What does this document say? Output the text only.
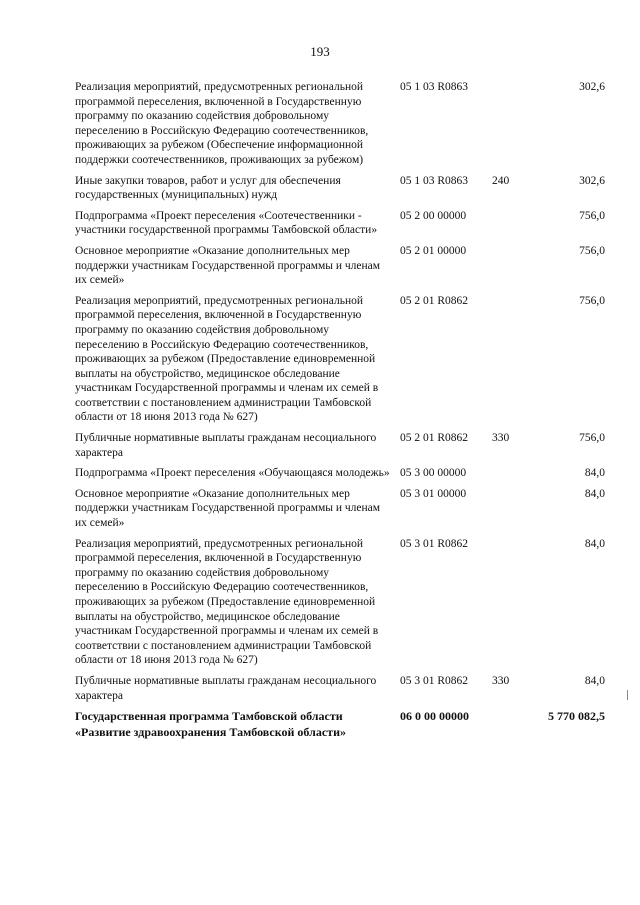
193
Реализация мероприятий, предусмотренных региональной программой переселения, включенной в Государственную программу по оказанию содействия добровольному переселению в Российскую Федерацию соотечественников, проживающих за рубежом (Обеспечение информационной поддержки соотечественников, проживающих за рубежом)
05 1 03 R0863	302,6
Иные закупки товаров, работ и услуг для обеспечения государственных (муниципальных) нужд
05 1 03 R0863	240	302,6
Подпрограмма «Проект переселения «Соотечественники - участники государственной программы Тамбовской области»
05 2 00 00000	756,0
Основное мероприятие «Оказание дополнительных мер поддержки участникам Государственной программы и членам их семей»
05 2 01 00000	756,0
Реализация мероприятий, предусмотренных региональной программой переселения, включенной в Государственную программу по оказанию содействия добровольному переселению в Российскую Федерацию соотечественников, проживающих за рубежом (Предоставление единовременной выплаты на обустройство, медицинское обследование участникам Государственной программы и членам их семей в соответствии с постановлением администрации Тамбовской области от 18 июня 2013 года № 627)
05 2 01 R0862	756,0
Публичные нормативные выплаты гражданам несоциального характера
05 2 01 R0862	330	756,0
Подпрограмма «Проект переселения «Обучающаяся молодежь» 05 3 00 00000	84,0
Основное мероприятие «Оказание дополнительных мер поддержки участникам Государственной программы и членам их семей»
05 3 01 00000	84,0
Реализация мероприятий, предусмотренных региональной программой переселения, включенной в Государственную программу по оказанию содействия добровольному переселению в Российскую Федерацию соотечественников, проживающих за рубежом (Предоставление единовременной выплаты на обустройство, медицинское обследование участникам Государственной программы и членам их семей в соответствии с постановлением администрации Тамбовской области от 18 июня 2013 года № 627)
05 3 01 R0862	84,0
Публичные нормативные выплаты гражданам несоциального характера
05 3 01 R0862	330	84,0
Государственная программа Тамбовской области «Развитие здравоохранения Тамбовской области»
06 0 00 00000	5 770 082,5
